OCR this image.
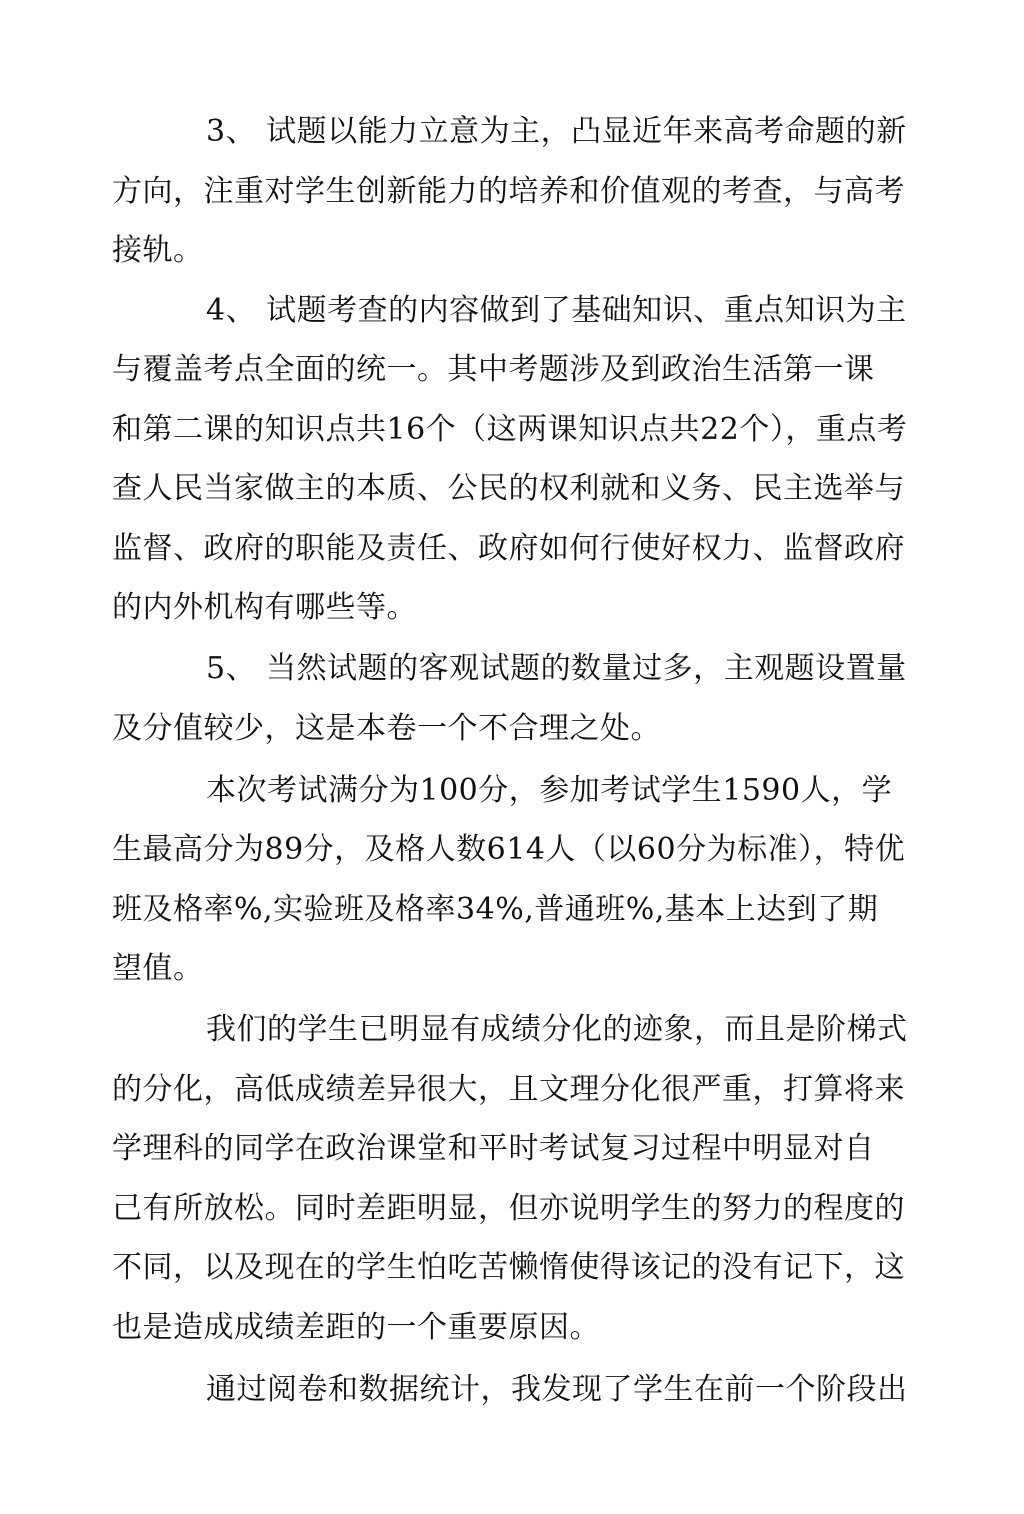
3、 试题以能力立意为主，凸显近年来高考命题的新
方向，注重对学生创新能力的培养和价值观的考查，与高考
接轨。
4、 试题考查的内容做到了基础知识、重点知识为主
与覆盖考点全面的统一。其中考题涉及到政治生活第一课
和第二课的知识点共16个（这两课知识点共22个），重点考
查人民当家做主的本质、公民的权利就和义务、民主选举与
监督、政府的职能及责任、政府如何行使好权力、监督政府
的内外机构有哪些等。
5、 当然试题的客观试题的数量过多，主观题设置量
及分值较少，这是本卷一个不合理之处。
本次考试满分为100分，参加考试学生1590人，学
生最高分为89分，及格人数614人（以60分为标准），特优
班及格率%,实验班及格率34%,普通班%,基本上达到了期
望值。
我们的学生已明显有成绩分化的迹象，而且是阶梯式
的分化，高低成绩差异很大，且文理分化很严重，打算将来
学理科的同学在政治课堂和平时考试复习过程中明显对自
己有所放松。同时差距明显，但亦说明学生的努力的程度的
不同，以及现在的学生怕吃苦懒惰使得该记的没有记下，这
也是造成成绩差距的一个重要原因。
通过阅卷和数据统计，我发现了学生在前一个阶段出
